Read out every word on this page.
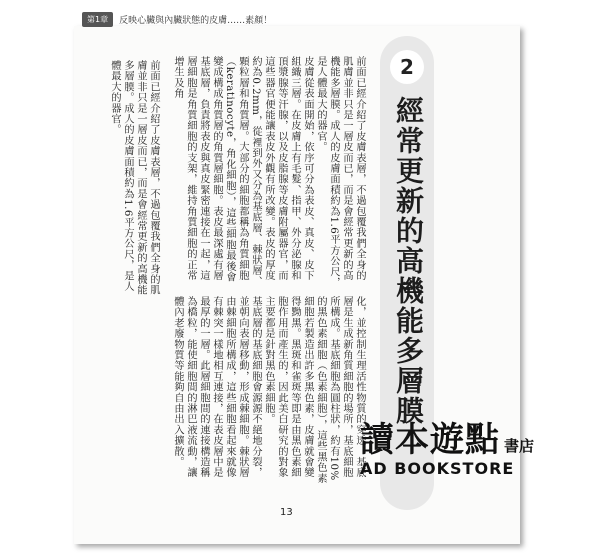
第1章	反映心臟與內臟狀態的皮膚……素顏！
前面已經介紹了皮膚表層，不過包覆我們全身的肌膚並非只是一層皮而已，而是會經常更新的高機能多層膜。成人的皮膚面積約為1.6平方公尺，是人體最大的器官。	2
經常更新的高機能多層膜
前面已經介紹了皮膚表層，不過包覆我們全身的肌膚並非只是一層皮而已，而是會經常更新的高機能多層膜。成人的皮膚面積約為1.6平方公尺，是人體最大的器官。
皮膚從表面開始，依序可分為表皮、真皮、皮下組織三層。在皮膚上有毛髮、指甲、外分泌腺和頂漿腺等汗腺，以及皮脂腺等皮膚附屬器官，而這些器官便能讓表皮外觀有所改變。表皮的厚度約為0.2mm，從裡到外又分為基底層、棘狀層、顆粒層和角質層。大部分的細胞都稱為角質細胞（keratinocyte，角化細胞），這些細胞最後會變成構成角質層的角質層細胞。表皮最深處有層基底層，負責將表皮與真皮緊密連接在一起，這層細胞是角質細胞的支架，維持角質細胞的正常增生及角
化，並控制生理活性物質的穿透，基底層是生成新角質細胞的場所，基底細胞所構成。基底細胞為圓柱狀，約有10%的黑色素細胞（色素細胞），這些黑色素細胞若製造出許多黑色素，皮膚就會變得黝黑。黑斑和雀斑等即是由黑色素細胞作用而產生的，因此美白研究的對象主要都是針對黑色素細胞。
基底層的基底細胞會源源不絕地分裂，並朝向表層移動，形成棘細胞。棘狀層由棘細胞所構成，這些細胞看起來就像有棘突一樣地相互連接，在表皮層中是最厚的一層。此層細胞間的連接構造稱為橋粒，能使細胞間的淋巴液流動，讓體內老廢物質等能夠自由出入擴散。
13
讀本遊點 書店
AD BOOKSTORE
